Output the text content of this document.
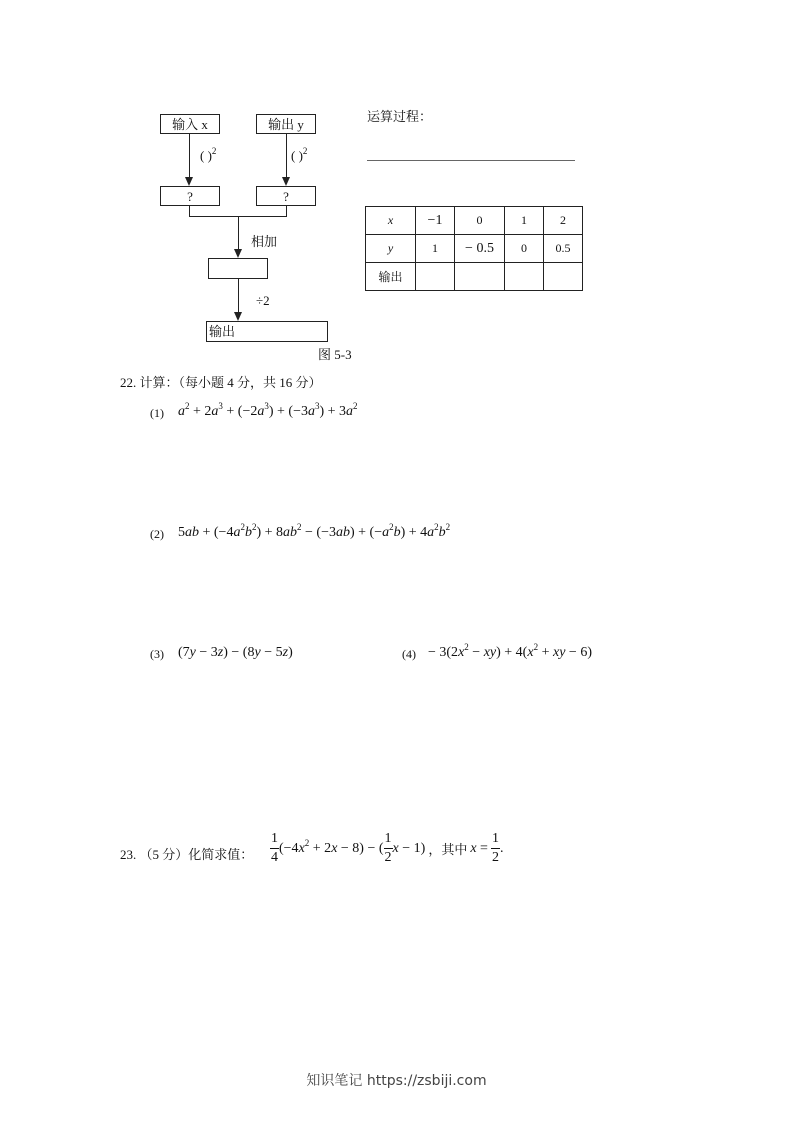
输入 x	输出 y
( )$^2$	( )$^2$
?	?
相加
÷2
输出
图 5-3
运算过程：
x	−1	0	1	2
y	1	− 0.5	0	0.5
输出				
22. 计算：（每小题 4 分，共 16 分）
(1) $a^2 + 2a^3 + (-2a^3) + (-3a^3) + 3a^2$
(2) $5ab + (-4a^2b^2) + 8ab^2 - (-3ab) + (-a^2b) + 4a^2b^2$
(3) (7y − 3z) − (8y − 5z)	$(4) - 3(2x^2 - xy) + 4(x^2$ + xy − 6)
23. （5 分）化简求值： $\frac{1}{4} (-4x^2 + 2x - 8)$ − ( $\frac{1}{2}$ x − 1) ，其中 $x = \frac{1}{2}$ .
知识笔记 https://zsbiji.com
